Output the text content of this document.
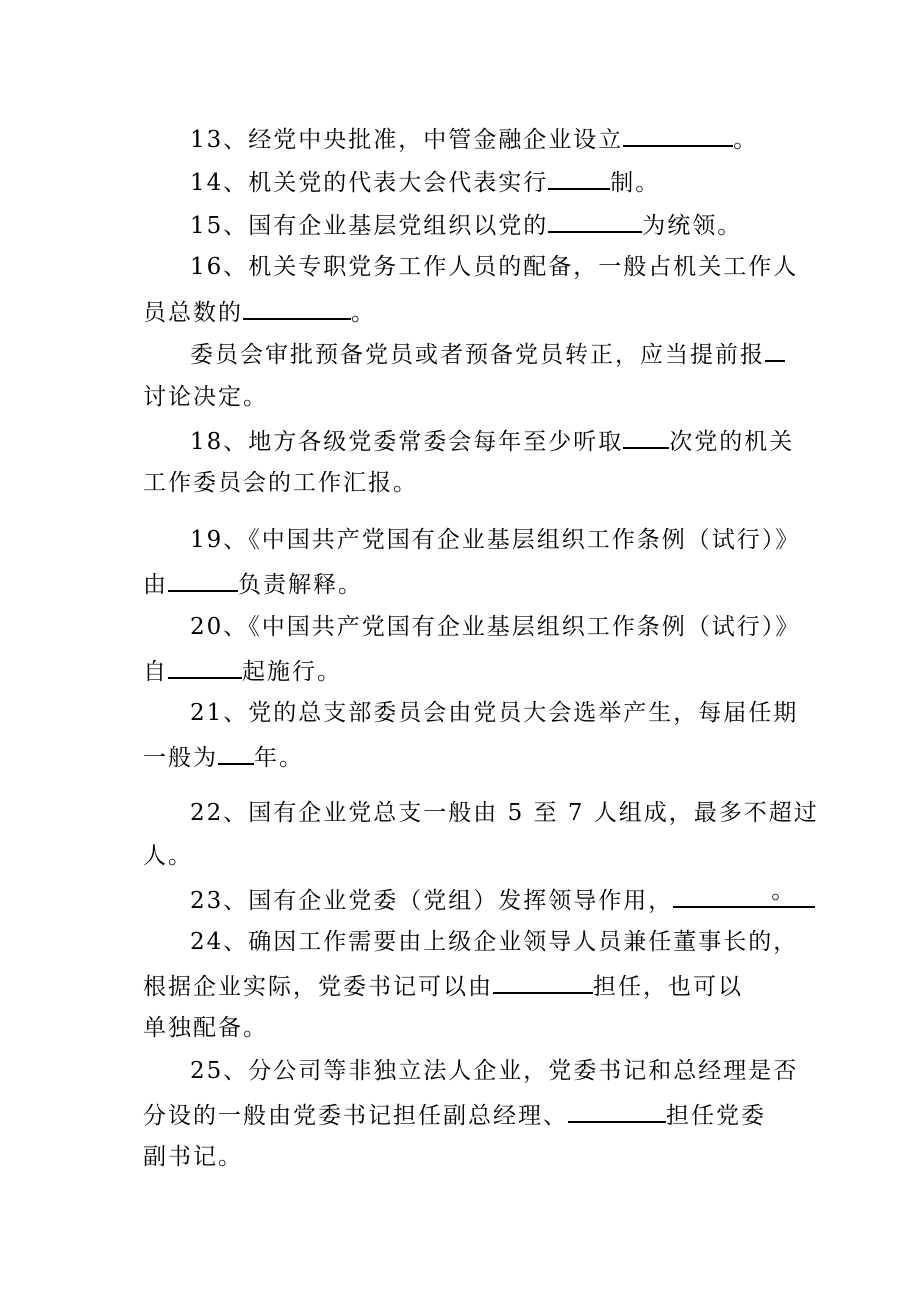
13、经党中央批准，中管金融企业设立	。
14、机关党的代表大会代表实行	制。
15、国有企业基层党组织以党的	为统领。
16、机关专职党务工作人员的配备，一般占机关工作人
员总数的	。
委员会审批预备党员或者预备党员转正，应当提前报
讨论决定。
18、地方各级党委常委会每年至少听取 次党的机关
工作委员会的工作汇报。
19、《中国共产党国有企业基层组织工作条例（试行）》
由	负责解释。
20、《中国共产党国有企业基层组织工作条例（试行）》
自	起施行。
21、党的总支部委员会由党员大会选举产生，每届任期
一般为 年。
22、国有企业党总支一般由 5 至 7 人组成，最多不超过
人。
23、国有企业党委（党组）发挥领导作用，	。
24、确因工作需要由上级企业领导人员兼任董事长的，
根据企业实际，党委书记可以由	担任，也可以
单独配备。
25、分公司等非独立法人企业，党委书记和总经理是否
分设的一般由党委书记担任副总经理、	担任党委
副书记。
